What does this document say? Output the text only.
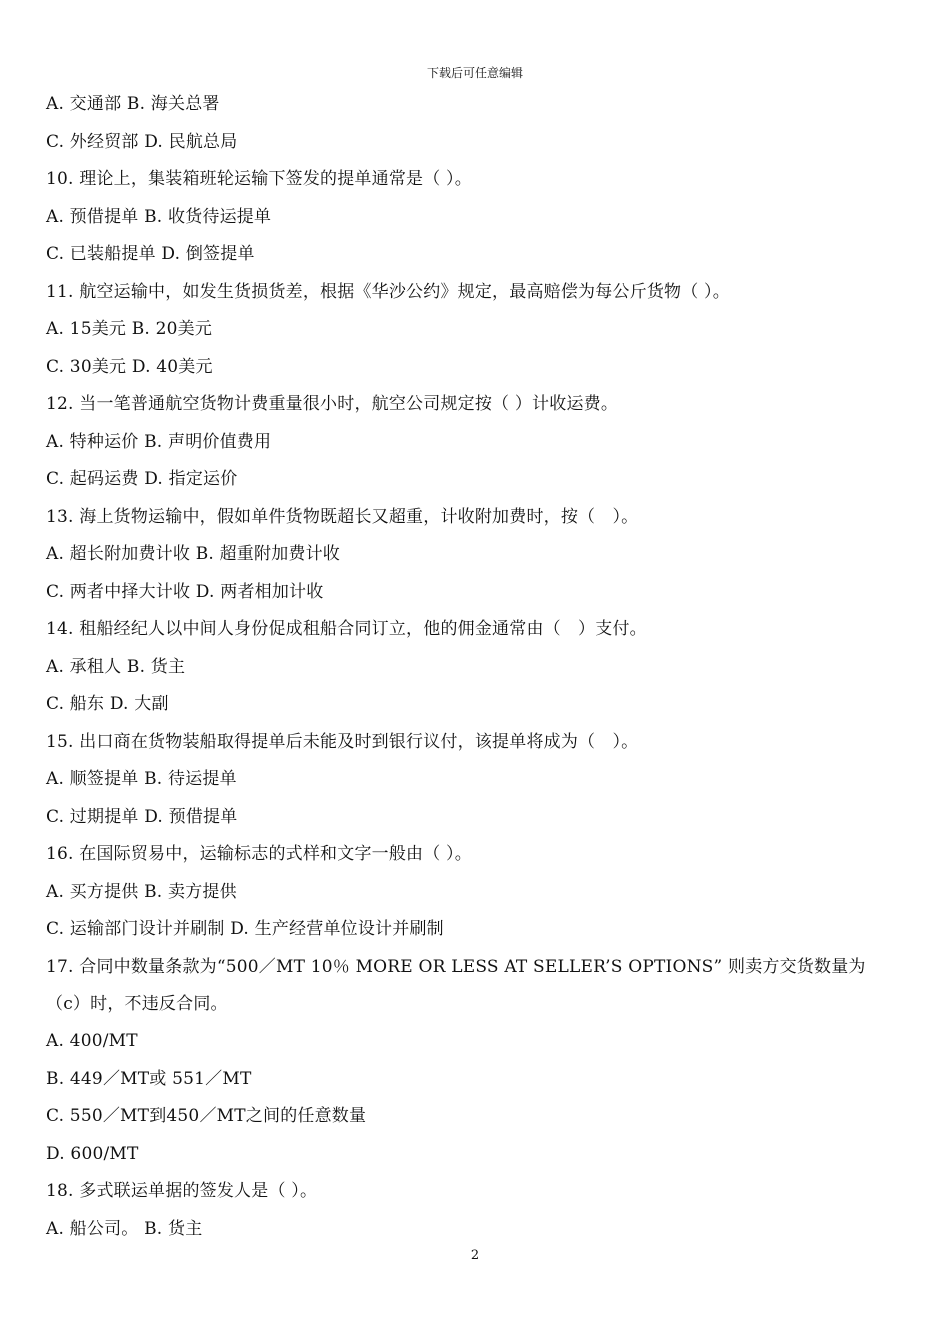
下载后可任意编辑
A. 交通部 B. 海关总署
C. 外经贸部 D. 民航总局
10. 理论上，集装箱班轮运输下签发的提单通常是（ ）。
A. 预借提单 B. 收货待运提单
C. 已装船提单 D. 倒签提单
11. 航空运输中，如发生货损货差，根据《华沙公约》规定，最高赔偿为每公斤货物（ ）。
A. 15美元 B. 20美元
C. 30美元 D. 40美元
12. 当一笔普通航空货物计费重量很小时，航空公司规定按（ ）计收运费。
A. 特种运价 B. 声明价值费用
C. 起码运费 D. 指定运价
13. 海上货物运输中，假如单件货物既超长又超重，计收附加费时，按（　）。
A. 超长附加费计收 B. 超重附加费计收
C. 两者中择大计收 D. 两者相加计收
14. 租船经纪人以中间人身份促成租船合同订立，他的佣金通常由（　）支付。
A. 承租人 B. 货主
C. 船东 D. 大副
15. 出口商在货物装船取得提单后未能及时到银行议付，该提单将成为（　）。
A. 顺签提单 B. 待运提单
C. 过期提单 D. 预借提单
16. 在国际贸易中，运输标志的式样和文字一般由（ ）。
A. 买方提供 B. 卖方提供
C. 运输部门设计并刷制 D. 生产经营单位设计并刷制
17. 合同中数量条款为“500／MT 10％ MORE OR LESS AT SELLER’S OPTIONS” 则卖方交货数量为
（c）时，不违反合同。
A. 400/MT
B. 449／MT或 551／MT
C. 550／MT到450／MT之间的任意数量
D. 600/MT
18. 多式联运单据的签发人是（ ）。
A. 船公司。 B. 货主
2
